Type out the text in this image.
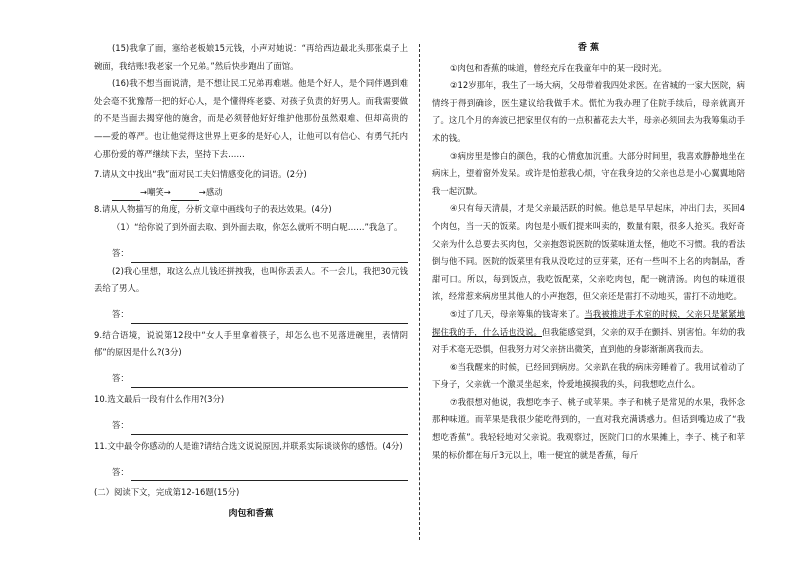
(15)我拿了面，塞给老板娘15元钱，小声对她说：“再给西边最北头那张桌子上碗面，我结账!我老家一个兄弟。”然后快步跑出了面馆。

(16)我不想当面说清，是不想让民工兄弟再难堪。他是个好人，是个同伴遇到难处会毫不犹豫帮一把的好心人，是个懂得疼老婆、对孩子负责的好男人。而我需要做的不是当面去揭穿他的施舍，而是必须替他好好维护他那份虽然艰难、但却高贵的——爱的尊严。也让他觉得这世界上更多的是好心人，让他可以有信心、有勇气托内心那份爱的尊严继续下去，坚持下去……

7.请从文中找出“我”面对民工夫妇情感变化的词语。(2分)

→嘲笑→	→感动

8.请从人物描写的角度，分析文章中画线句子的表达效果。(4分)

（1）“给你说了到外面去取、到外面去取，你怎么就听不明白呢……”我急了。

答：

(2)我心里想，取这么点儿钱还拼拽我，也叫你丢丢人。不一会儿，我把30元钱丢给了男人。

答：

9.结合语境，说说第12段中“女人手里拿着筷子，却怎么也不见落进碗里，表情阴郁”的原因是什么?(3分)

答：

10.选文最后一段有什么作用?(3分)

答：

11.文中最令你感动的人是谁?请结合选文说说原因,并联系实际谈谈你的感悟。(4分)

答：

(二）阅读下文，完成第12-16题(15分)

肉包和香蕉
香 蕉

①肉包和香蕉的味道，曾经充斥在我童年中的某一段时光。

②12岁那年，我生了一场大病，父母带着我四处求医。在省城的一家大医院，病情终于得到确诊，医生建议给我做手术。慌忙为我办理了住院手续后，母亲就离开了。这几个月的奔波已把家里仅有的一点积蓄花去大半，母亲必须回去为我筹集动手术的钱。

③病房里是惨白的颜色，我的心情愈加沉重。大部分时间里，我喜欢静静地坐在病床上，望着窗外发呆。或许是怕惹我心烦，守在我身边的父亲也总是小心翼翼地陪我一起沉默。

④只有每天清晨，才是父亲最活跃的时候。他总是早早起床，冲出门去，买回4个肉包，当一天的饭菜。肉包是小贩们提来叫卖的，数量有限，很多人抢买。我好奇父亲为什么总要去买肉包，父亲抱怨说医院的饭菜味道太怪，他吃不习惯。我的看法倒与他不同。医院的饭菜里有我从没吃过的豆芽菜，还有一些叫不上名的肉制品，香甜可口。所以，每到饭点，我吃饭配菜，父亲吃肉包，配一碗清汤。肉包的味道很浓，经常惹来病房里其他人的小声抱怨，但父亲还是雷打不动地买，雷打不动地吃。

⑤过了几天，母亲筹集的钱寄来了。当我被推进手术室的时候，父亲只是紧紧地握住我的手，什么话也没说。但我能感觉到，父亲的双手在颤抖、别害怕。年幼的我对手术毫无恐惧，但我努力对父亲挤出微笑，直到他的身影渐渐离我而去。

⑥当我醒来的时候，已经回到病房。父亲趴在我的病床旁睡着了。我用试着动了下身子，父亲就一个激灵坐起来，怜爱地摸摸我的头，问我想吃点什么。

⑦我很想对他说，我想吃李子、桃子或苹果。李子和桃子是常见的水果，我怀念那种味道。而苹果是我很少能吃得到的，一直对我充满诱惑力。但话到嘴边成了“我想吃香蕉”。我轻轻地对父亲说。我观察过，医院门口的水果摊上，李子、桃子和苹果的标价都在每斤3元以上，唯一便宜的就是香蕉，每斤
